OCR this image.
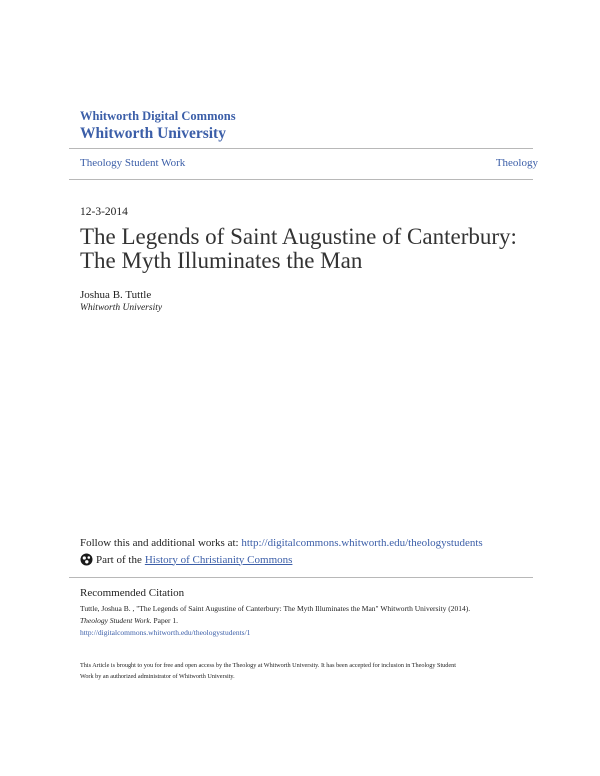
Whitworth Digital Commons
Whitworth University
Theology Student Work	Theology
12-3-2014
The Legends of Saint Augustine of Canterbury:
The Myth Illuminates the Man
Joshua B. Tuttle
Whitworth University
Follow this and additional works at: http://digitalcommons.whitworth.edu/theologystudents
Part of the History of Christianity Commons
Recommended Citation
Tuttle, Joshua B. , "The Legends of Saint Augustine of Canterbury: The Myth Illuminates the Man" Whitworth University (2014).
Theology Student Work. Paper 1.
http://digitalcommons.whitworth.edu/theologystudents/1
This Article is brought to you for free and open access by the Theology at Whitworth University. It has been accepted for inclusion in Theology Student
Work by an authorized administrator of Whitworth University.
